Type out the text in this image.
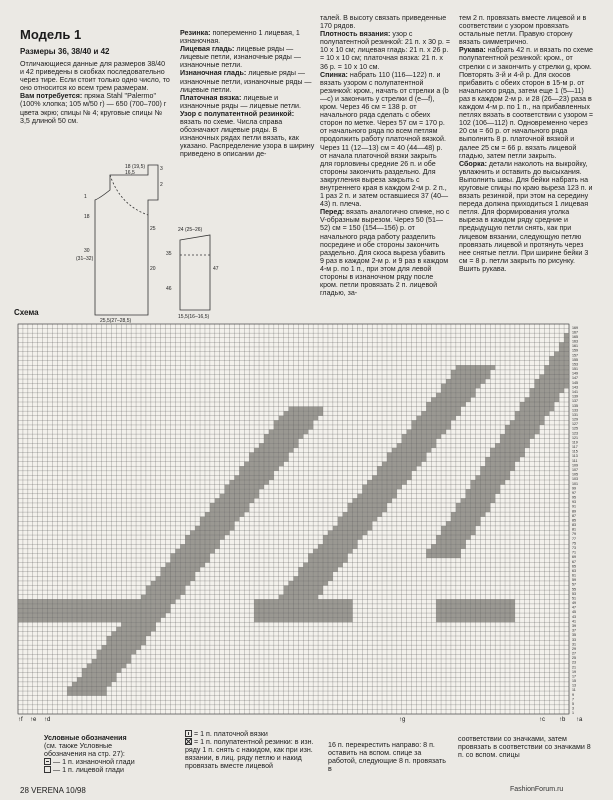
Модель 1
Размеры 36, 38/40 и 42

Отличающиеся данные для размеров 38/40 и 42 приведены в скобках последовательно через тире. Если стоит только одно число, то оно относится ко всем трем размерам.

Вам потребуется: пряжа Stahl "Palermo" (100% хлопка; 105 м/50 г) — 650 (700–700) г цвета экрю; спицы № 4; круговые спицы № 3,5 длиной 50 см.

18 (19,5)
16,5
3
2
25
1
18
30
(31–32)
20
24 (25–26)
35
47
46
15,5(16–16,5)
25,5(27–28,5)

Резинка: попеременно 1 лицевая, 1 изнаночная.

Лицевая гладь: лицевые ряды — лицевые петли, изнаночные ряды — изнаночные петли.

Изнаночная гладь: лицевые ряды — изнаночные петли, изнаночные ряды — лицевые петли.

Платочная вязка: лицевые и изнаночные ряды — лицевые петли.

Узор с полупатентной резинкой: вязать по схеме. Числа справа обозначают лицевые ряды. В изнаночных рядах петли вязать, как указано. Распределение узора в ширину приведено в описании де-

талей. В высоту связать приведенные 170 рядов.

Плотность вязания: узор с полупатентной резинкой: 21 п. х 30 р. = 10 х 10 см; лицевая гладь: 21 п. х 26 р. = 10 х 10 см; платочная вязка: 21 п. х 36 р. = 10 х 10 см.

Спинка: набрать 110 (116—122) п. и вязать узором с полупатентной резинкой: кром., начать от стрелки a (b—c) и закончить у стрелки d (e—f), кром. Через 46 см = 138 р. от начального ряда сделать с обеих сторон по метке. Через 57 см = 170 р. от начального ряда по всем петлям продолжить работу платочной вязкой. Через 11 (12—13) см = 40 (44—48) р. от начала платочной вязки закрыть для горловины средние 26 п. и обе стороны закончить раздельно. Для закругления выреза закрыть с внутреннего края в каждом 2-м р. 2 п., 1 раз 2 п. и затем оставшиеся 37 (40—43) п. плеча.

Перед: вязать аналогично спинке, но с V-образным вырезом. Через 50 (51—52) см = 150 (154—156) р. от начального ряда работу разделить посредине и обе стороны закончить раздельно. Для скоса выреза убавить 9 раз в каждом 2-м р. и 9 раз в каждом 4-м р. по 1 п., при этом для левой стороны в изнаночном ряду после кром. петли провязать 2 п. лицевой гладью, за-

тем 2 п. провязать вместе лицевой и в соответствии с узором провязать остальные петли. Правую сторону вязать симметрично.

Рукава: набрать 42 п. и вязать по схеме полупатентной резинкой: кром., от стрелки c и закончить у стрелки g, кром. Повторять 3-й и 4-й р. Для скосов прибавить с обеих сторон в 15-м р. от начального ряда, затем еще 1 (5—11) раз в каждом 2-м р. и 28 (26—23) раза в каждом 4-м р. по 1 п., на прибавленных петлях вязать в соответствии с узором = 102 (106—112) п. Одновременно через 20 см = 60 р. от начального ряда выполнить 8 р. платочной вязкой и далее 25 см = 66 р. вязать лицевой гладью, затем петли закрыть.

Сборка: детали наколоть на выкройку, увлажнить и оставить до высыхания. Выполнить швы. Для бейки набрать на круговые спицы по краю выреза 123 п. и вязать резинкой, при этом на середину переда должна приходиться 1 лицевая петля. Для формирования уголка выреза в каждом ряду средние и предыдущую петли снять, как при лицевом вязании, следующую петлю провязать лицевой и протянуть через нее снятые петли. При ширине бейки 3 см = 8 р. петли закрыть по рисунку. Вшить рукава.

Схема
169
167
165
163
161
159
157
155
153
151
149
147
145
143
141
139
137
135
133
131
129
127
125
123
121
119
117
115
113
111
109
107
105
103
101
99
97
95
93
91
89
87
85
83
81
79
77
75
73
71
69
67
65
63
61
59
57
55
53
51
49
47
45
43
41
39
37
35
33
31
29
27
25
23
21
19
17
15
13
11
9
7
5
3
1
↑f ↑e ↑d	↑g	↑c ↑b ↑a
Условные обозначения
(см. также Условные обозначения на стр. 27):
— 1 п. изнаночной глади
— 1 п. лицевой глади
= 1 п. платочной вязки
= 1 п. полупатентной резинки: в изн. ряду 1 п. снять с накидом, как при изн. вязании, в лиц. ряду петлю и накид провязать вместе лицевой
16 п. перекрестить направо: 8 п. оставить на вспом. спице за работой, следующие 8 п. провязать в
соответствии со значками, затем провязать в соответствии со значками 8 п. со вспом. спицы
28 VERENA 10/98	FashionForum.ru
